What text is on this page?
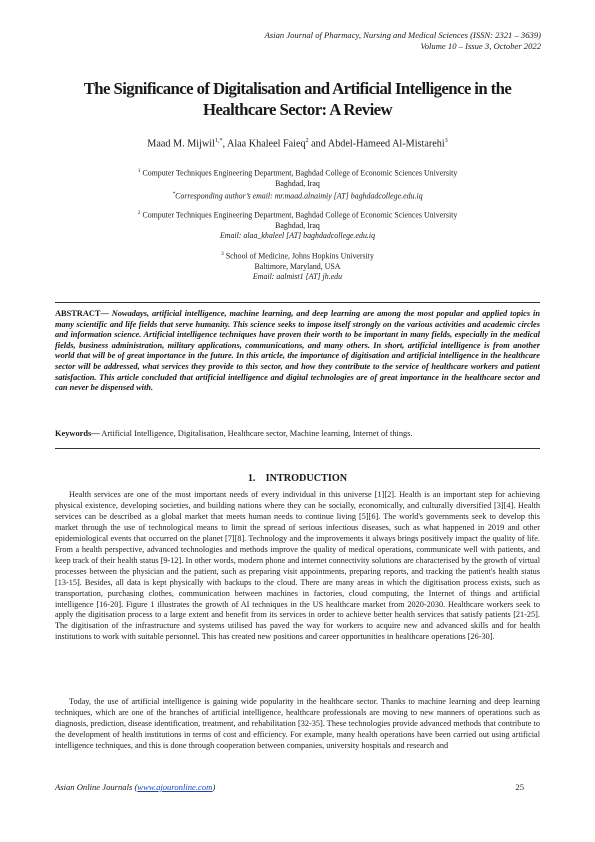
Asian Journal of Pharmacy, Nursing and Medical Sciences (ISSN: 2321 – 3639)
Volume 10 – Issue 3, October 2022
The Significance of Digitalisation and Artificial Intelligence in the
Healthcare Sector: A Review
Maad M. Mijwil$^{1,*}$, Alaa Khaleel Faieq$^2$ and Abdel-Hameed Al-Mistarehi$^3$
$^1$ Computer Techniques Engineering Department, Baghdad College of Economic Sciences University
Baghdad, Iraq
*Corresponding author’s email: mr.maad.alnaimiy [AT] baghdadcollege.edu.iq
$^2$ Computer Techniques Engineering Department, Baghdad College of Economic Sciences University
Baghdad, Iraq
Email: alaa_khaleel [AT] baghdadcollege.edu.iq
$^3$ School of Medicine, Johns Hopkins University
Baltimore, Maryland, USA
Email: aalmist1 [AT] jh.edu
ABSTRACT— Nowadays, artificial intelligence, machine learning, and deep learning are among the most popular and applied topics in many scientific and life fields that serve humanity. This science seeks to impose itself strongly on the various activities and academic circles and information science. Artificial intelligence techniques have proven their worth to be important in many fields, especially in the medical fields, business administration, military applications, communications, and many others. In short, artificial intelligence is from another world that will be of great importance in the future. In this article, the importance of digitisation and artificial intelligence in the healthcare sector will be addressed, what services they provide to this sector, and how they contribute to the service of healthcare workers and patient satisfaction. This article concluded that artificial intelligence and digital technologies are of great importance in the healthcare sector and can never be dispensed with.
Keywords— Artificial Intelligence, Digitalisation, Healthcare sector, Machine learning, Internet of things.
1.    INTRODUCTION
Health services are one of the most important needs of every individual in this universe [1][2]. Health is an important step for achieving physical existence, developing societies, and building nations where they can be socially, economically, and culturally diversified [3][4]. Health services can be described as a global market that meets human needs to continue living [5][6]. The world's governments seek to develop this market through the use of technological means to limit the spread of serious infectious diseases, such as what happened in 2019 and other epidemiological events that occurred on the planet [7][8]. Technology and the improvements it always brings positively impact the quality of life. From a health perspective, advanced technologies and methods improve the quality of medical operations, communicate well with patients, and keep track of their health status [9-12]. In other words, modern phone and internet connectivity solutions are characterised by the growth of virtual processes between the physician and the patient, such as preparing visit appointments, preparing reports, and tracking the patient's health status [13-15]. Besides, all data is kept physically with backups to the cloud. There are many areas in which the digitisation process exists, such as transportation, purchasing clothes, communication between machines in factories, cloud computing, the Internet of things and artificial intelligence [16-20]. Figure 1 illustrates the growth of AI techniques in the US healthcare market from 2020-2030. Healthcare workers seek to apply the digitisation process to a large extent and benefit from its services in order to achieve better health services that satisfy patients [21-25]. The digitisation of the infrastructure and systems utilised has paved the way for workers to acquire new and advanced skills and for health institutions to work with suitable personnel. This has created new positions and career opportunities in healthcare operations [26-30].
Today, the use of artificial intelligence is gaining wide popularity in the healthcare sector. Thanks to machine learning and deep learning techniques, which are one of the branches of artificial intelligence, healthcare professionals are moving to new manners of operations such as diagnosis, prediction, disease identification, treatment, and rehabilitation [32-35]. These technologies provide advanced methods that contribute to the development of health institutions in terms of cost and efficiency. For example, many health operations have been carried out using artificial intelligence techniques, and this is done through cooperation between companies, university hospitals and research and
Asian Online Journals (www.ajouronline.com)	25
